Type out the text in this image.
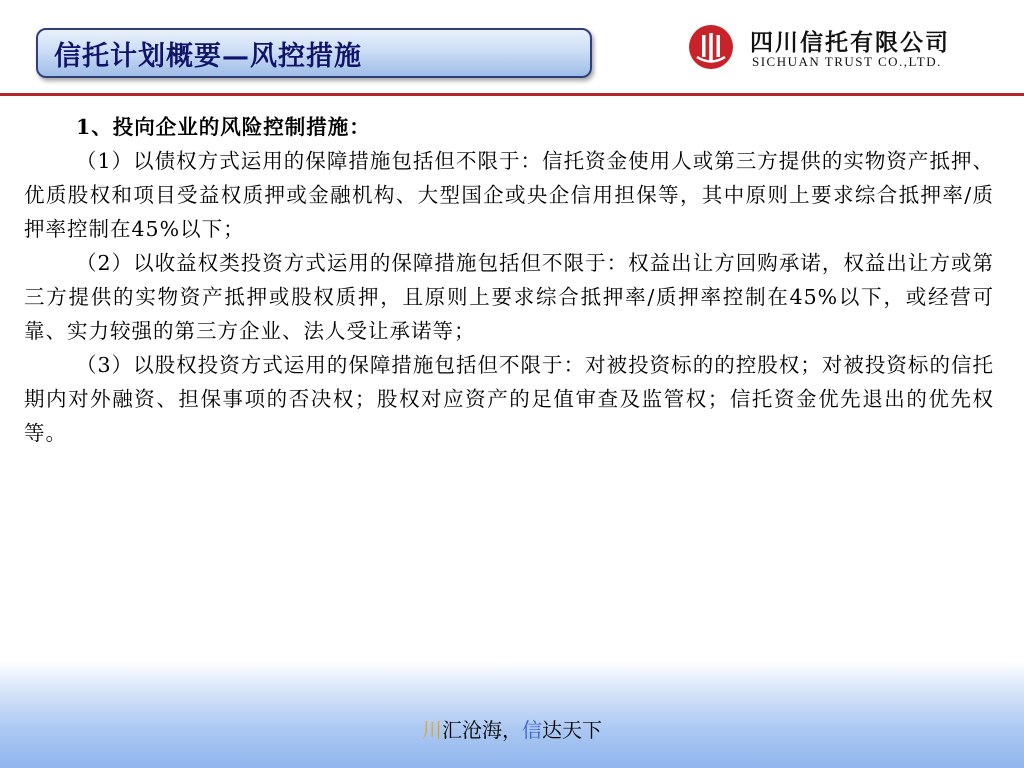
信托计划概要—风控措施	四川信托有限公司
SICHUAN TRUST CO.,LTD.

1、投向企业的风险控制措施：

（1）以债权方式运用的保障措施包括但不限于：信托资金使用人或第三方提供的实物资产抵押、优质股权和项目受益权质押或金融机构、大型国企或央企信用担保等，其中原则上要求综合抵押率/质押率控制在45%以下；

（2）以收益权类投资方式运用的保障措施包括但不限于：权益出让方回购承诺，权益出让方或第三方提供的实物资产抵押或股权质押，且原则上要求综合抵押率/质押率控制在45%以下，或经营可靠、实力较强的第三方企业、法人受让承诺等；

（3）以股权投资方式运用的保障措施包括但不限于：对被投资标的的控股权；对被投资标的信托期内对外融资、担保事项的否决权；股权对应资产的足值审查及监管权；信托资金优先退出的优先权等。

川汇沧海，信达天下
